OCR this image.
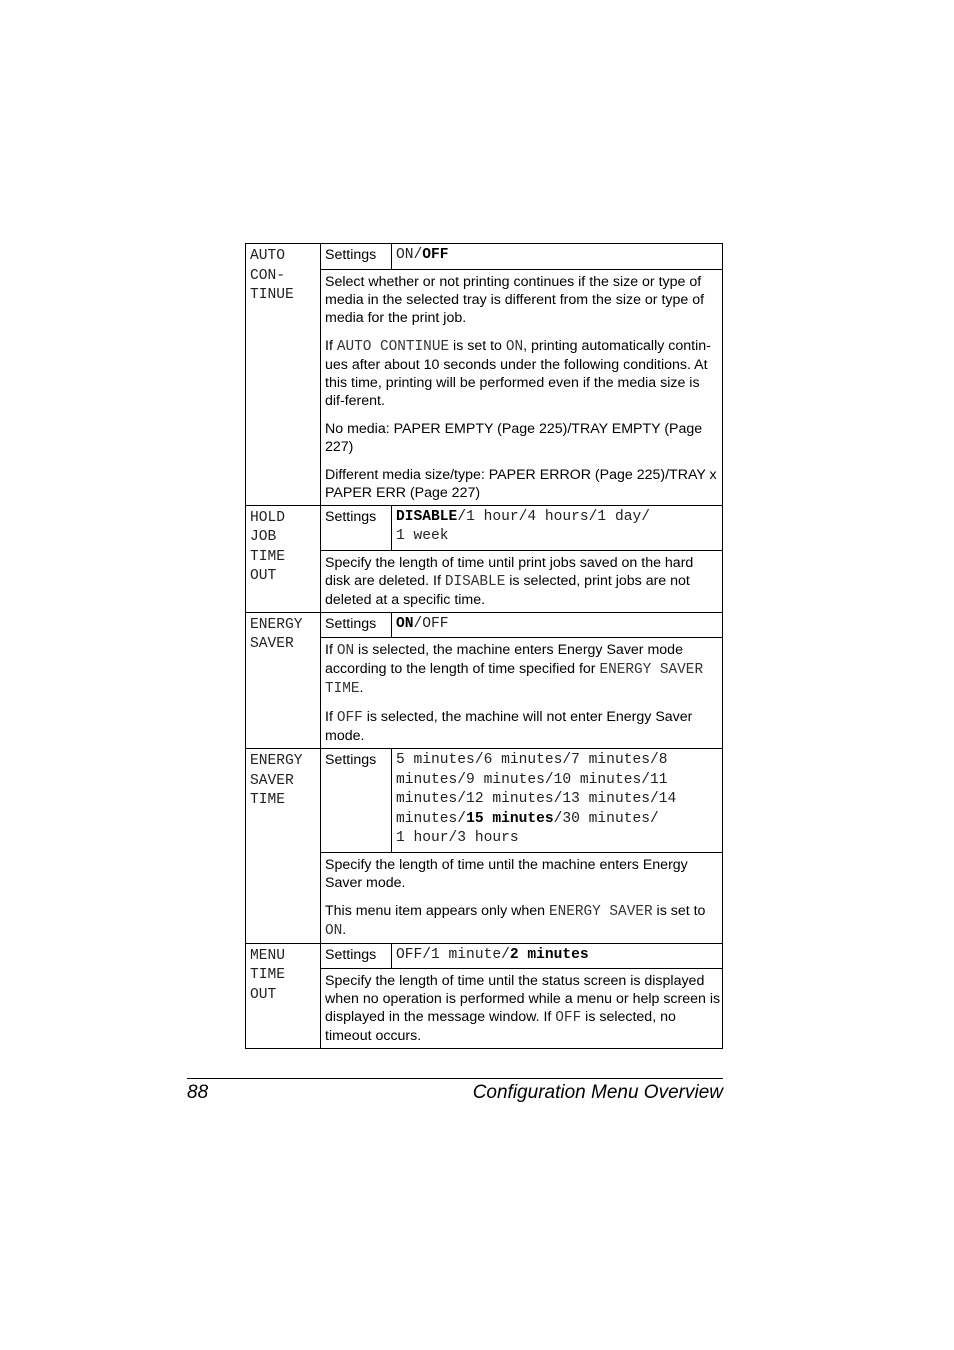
AUTO
CON-
TINUE	Settings	ON/OFF

	Select whether or not printing continues if the size or type of media in the selected tray is different from the size or type of media for the print job.

If AUTO CONTINUE is set to ON, printing automatically contin-ues after about 10 seconds under the following conditions. At this time, printing will be performed even if the media size is dif-ferent.

No media: PAPER EMPTY (Page 225)/TRAY EMPTY (Page 227)

Different media size/type: PAPER ERROR (Page 225)/TRAY x PAPER ERR (Page 227)	

HOLD
JOB
TIME
OUT	Settings	DISABLE/1 hour/4 hours/1 day/
1 week

	Specify the length of time until print jobs saved on the hard disk are deleted. If DISABLE is selected, print jobs are not deleted at a specific time.	

ENERGY
SAVER	Settings	ON/OFF

	If ON is selected, the machine enters Energy Saver mode according to the length of time specified for ENERGY SAVER TIME.

If OFF is selected, the machine will not enter Energy Saver mode.	

ENERGY
SAVER
TIME	Settings	5 minutes/6 minutes/7 minutes/8
minutes/9 minutes/10 minutes/11
minutes/12 minutes/13 minutes/14
minutes/15 minutes/30 minutes/
1 hour/3 hours

	Specify the length of time until the machine enters Energy Saver mode.

This menu item appears only when ENERGY SAVER is set to ON.	

MENU
TIME
OUT	Settings	OFF/1 minute/2 minutes

	Specify the length of time until the status screen is displayed when no operation is performed while a menu or help screen is displayed in the message window. If OFF is selected, no timeout occurs.	

88	Configuration Menu Overview
